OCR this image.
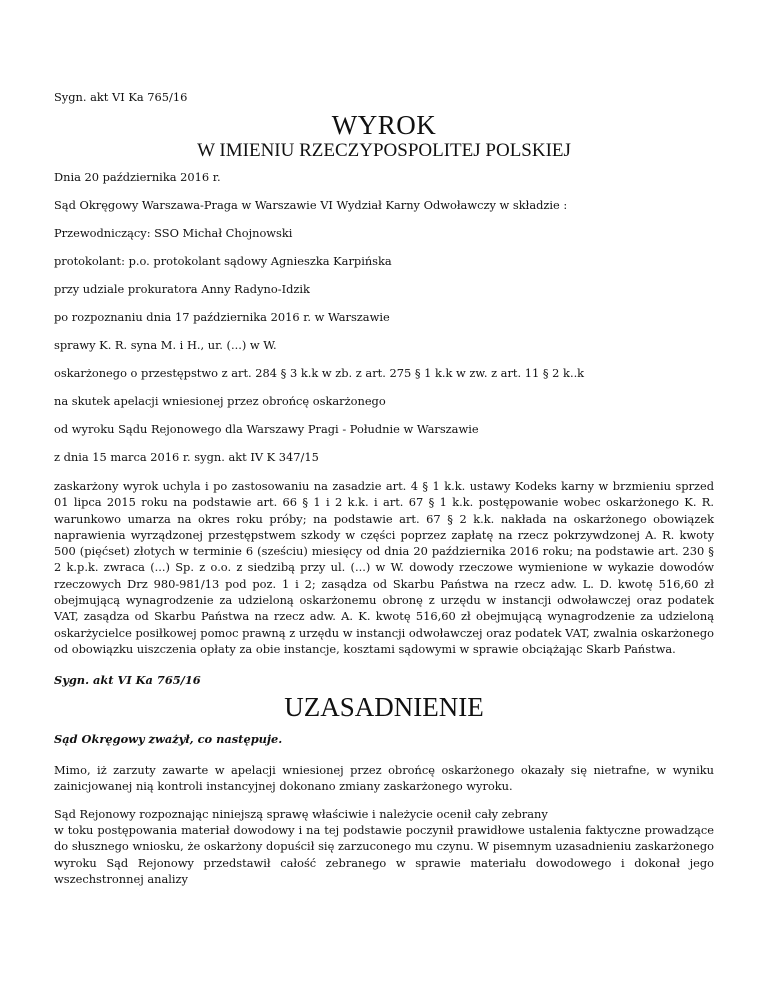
Sygn. akt VI Ka 765/16
WYROK
W IMIENIU RZECZYPOSPOLITEJ POLSKIEJ
Dnia 20 października 2016 r.
Sąd Okręgowy Warszawa-Praga w Warszawie VI Wydział Karny Odwoławczy w składzie :
Przewodniczący: SSO Michał Chojnowski
protokolant: p.o. protokolant sądowy Agnieszka Karpińska
przy udziale prokuratora Anny Radyno-Idzik
po rozpoznaniu dnia 17 października 2016 r. w Warszawie
sprawy K. R. syna M. i H., ur. (...) w W.
oskarżonego o przestępstwo z art. 284 § 3 k.k w zb. z art. 275 § 1 k.k w zw. z art. 11 § 2 k..k
na skutek apelacji wniesionej przez obrońcę oskarżonego
od wyroku Sądu Rejonowego dla Warszawy Pragi - Południe w Warszawie
z dnia 15 marca 2016 r. sygn. akt IV K 347/15
zaskarżony wyrok uchyla i po zastosowaniu na zasadzie art. 4 § 1 k.k. ustawy Kodeks karny w brzmieniu sprzed 01 lipca 2015 roku na podstawie art. 66 § 1 i 2 k.k. i art. 67 § 1 k.k. postępowanie wobec oskarżonego K. R. warunkowo umarza na okres roku próby; na podstawie art. 67 § 2 k.k. nakłada na oskarżonego obowiązek naprawienia wyrządzonej przestępstwem szkody w części poprzez zapłatę na rzecz pokrzywdzonej A. R. kwoty 500 (pięćset) złotych w terminie 6 (sześciu) miesięcy od dnia 20 października 2016 roku; na podstawie art. 230 § 2 k.p.k. zwraca (...) Sp. z o.o. z siedzibą przy ul. (...) w W. dowody rzeczowe wymienione w wykazie dowodów rzeczowych Drz 980-981/13 pod poz. 1 i 2; zasądza od Skarbu Państwa na rzecz adw. L. D. kwotę 516,60 zł obejmującą wynagrodzenie za udzieloną oskarżonemu obronę z urzędu w instancji odwoławczej oraz podatek VAT, zasądza od Skarbu Państwa na rzecz adw. A. K. kwotę 516,60 zł obejmującą wynagrodzenie za udzieloną oskarżycielce posiłkowej pomoc prawną z urzędu w instancji odwoławczej oraz podatek VAT, zwalnia oskarżonego od obowiązku uiszczenia opłaty za obie instancje, kosztami sądowymi w sprawie obciążając Skarb Państwa.
Sygn. akt VI Ka 765/16
UZASADNIENIE
Sąd Okręgowy zważył, co następuje.
Mimo, iż zarzuty zawarte w apelacji wniesionej przez obrońcę oskarżonego okazały się nietrafne, w wyniku zainicjowanej nią kontroli instancyjnej dokonano zmiany zaskarżonego wyroku.
Sąd Rejonowy rozpoznając niniejszą sprawę właściwie i należycie ocenił cały zebrany
w toku postępowania materiał dowodowy i na tej podstawie poczynił prawidłowe ustalenia faktyczne prowadzące do słusznego wniosku, że oskarżony dopuścił się zarzuconego mu czynu. W pisemnym uzasadnieniu zaskarżonego wyroku Sąd Rejonowy przedstawił całość zebranego w sprawie materiału dowodowego i dokonał jego wszechstronnej analizy
